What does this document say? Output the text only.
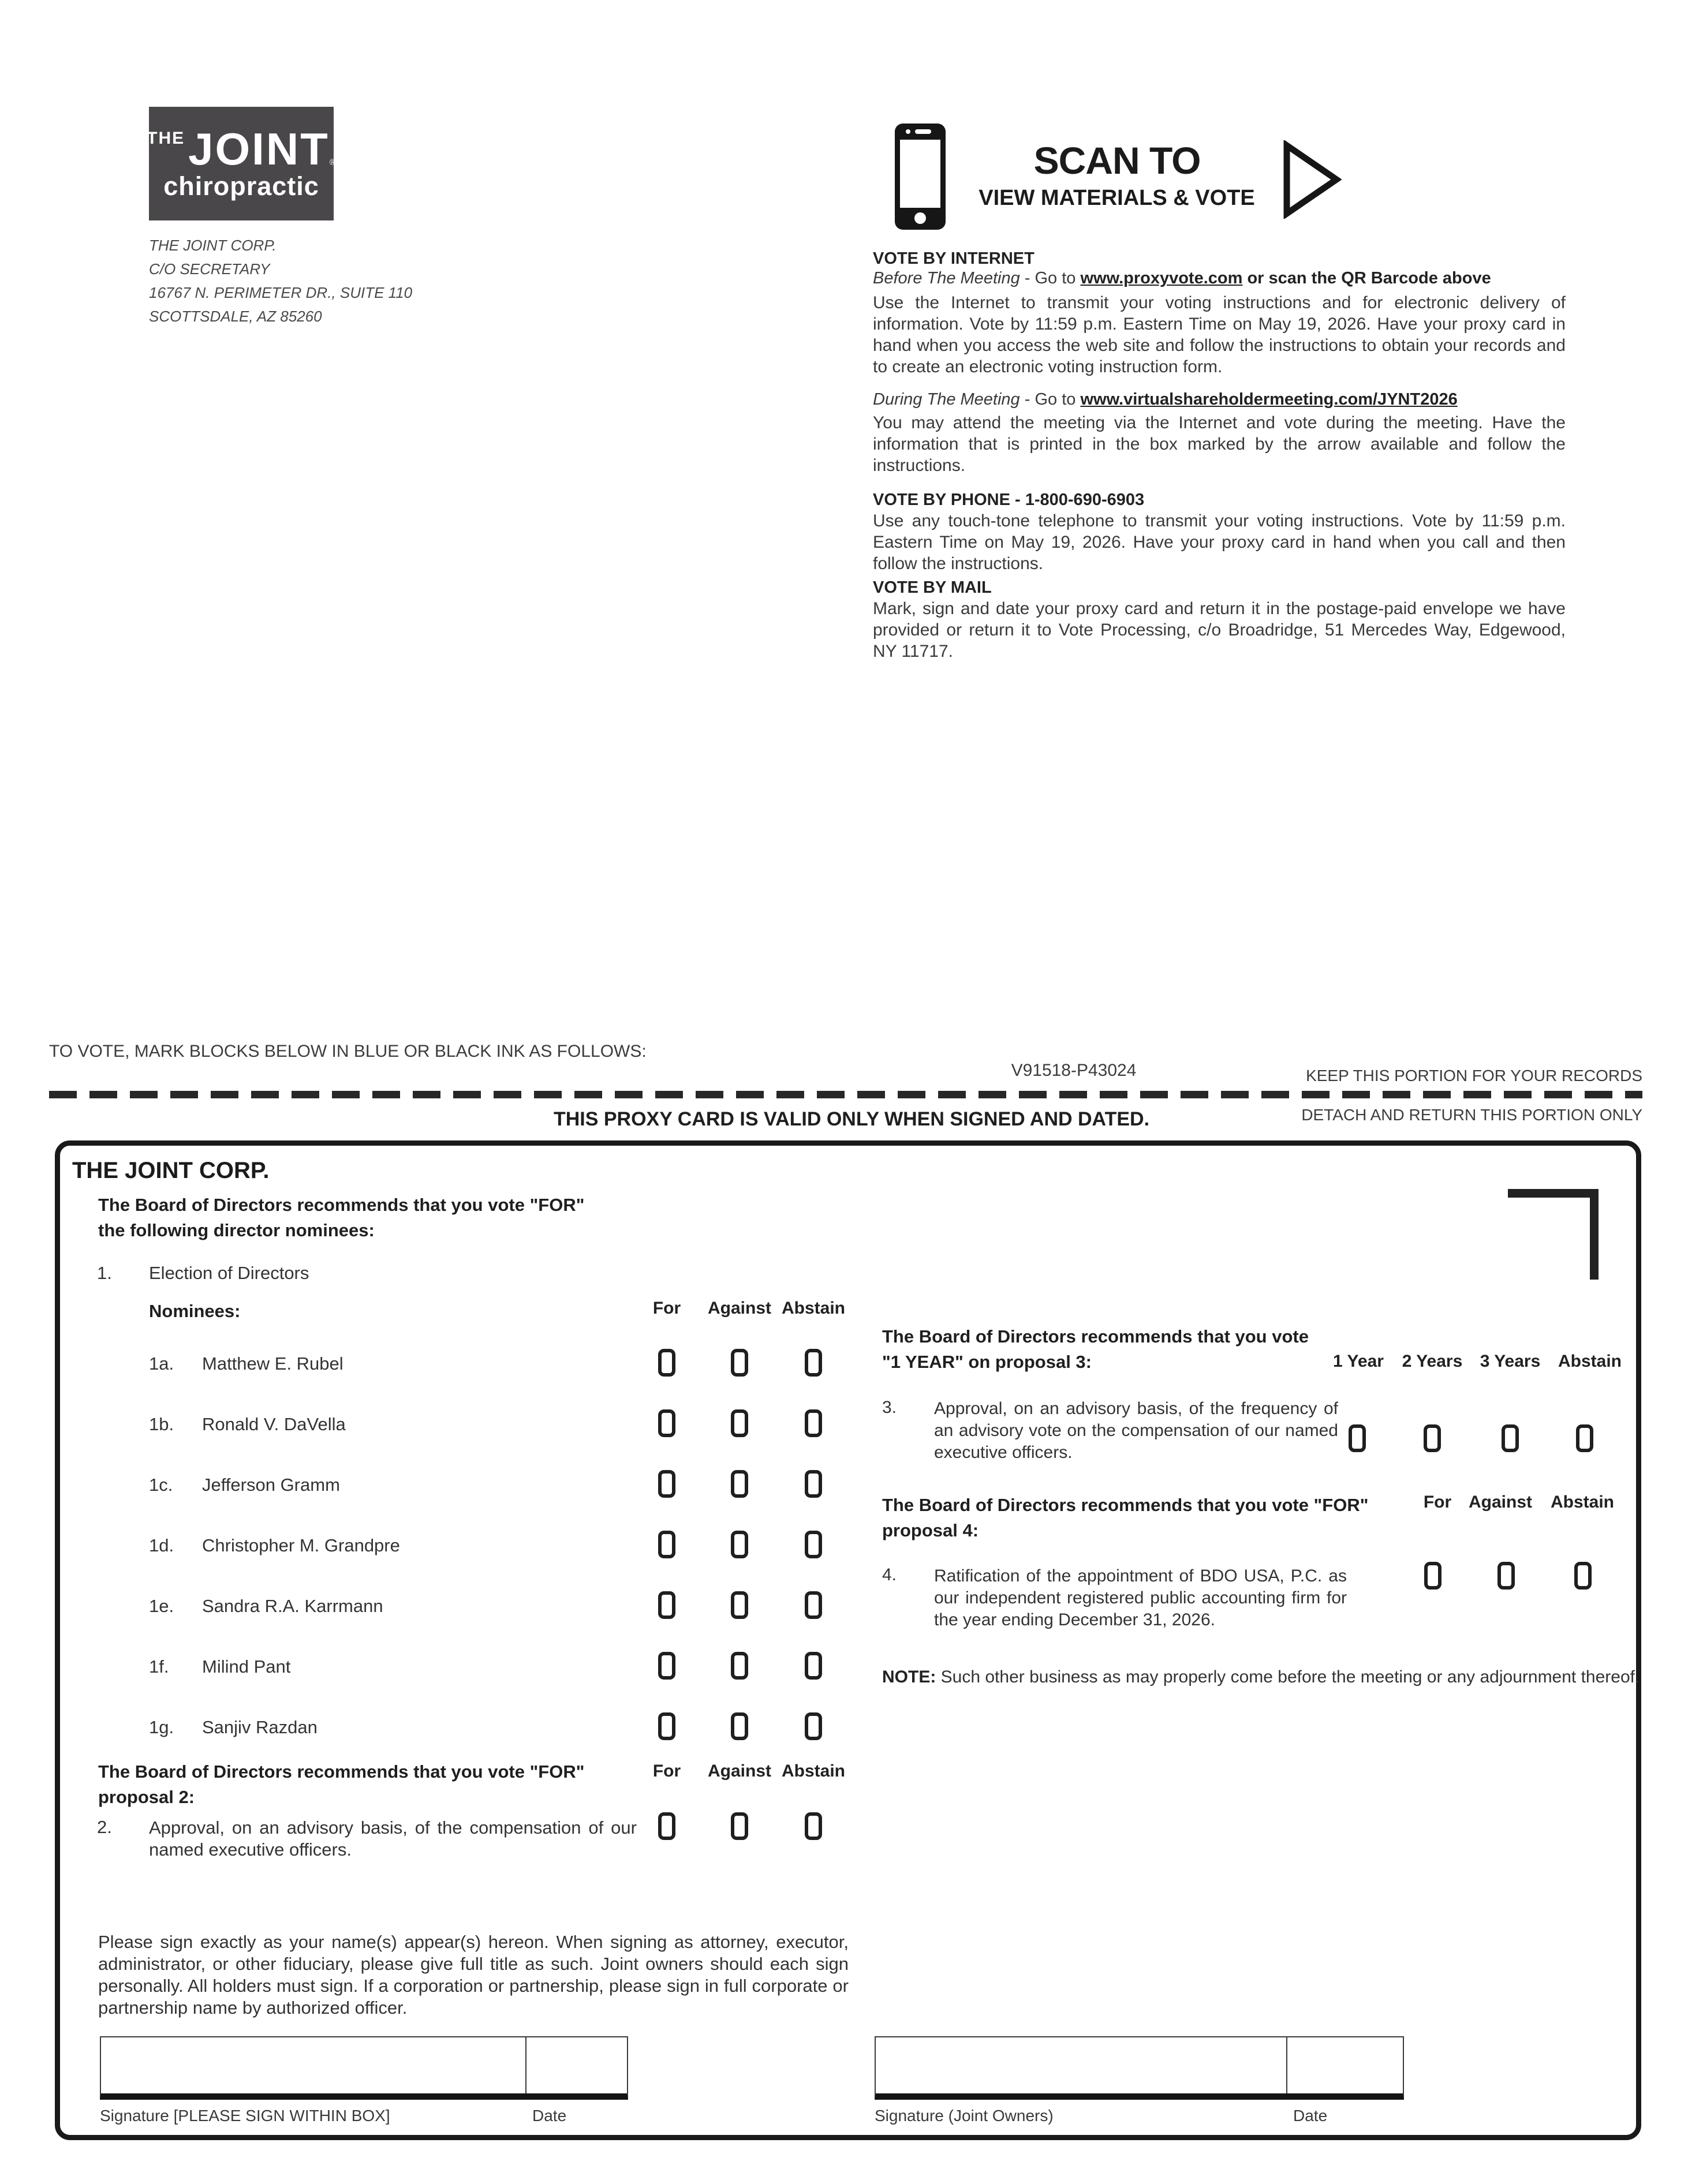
THE JOINT ®
chiropractic
THE JOINT CORP.
C/O SECRETARY
16767 N. PERIMETER DR., SUITE 110
SCOTTSDALE, AZ 85260
SCAN TO
VIEW MATERIALS & VOTE
VOTE BY INTERNET
Before The Meeting - Go to www.proxyvote.com or scan the QR Barcode above
Use the Internet to transmit your voting instructions and for electronic delivery of information. Vote by 11:59 p.m. Eastern Time on May 19, 2026. Have your proxy card in hand when you access the web site and follow the instructions to obtain your records and to create an electronic voting instruction form.
During The Meeting - Go to www.virtualshareholdermeeting.com/JYNT2026
You may attend the meeting via the Internet and vote during the meeting. Have the information that is printed in the box marked by the arrow available and follow the instructions.
VOTE BY PHONE - 1-800-690-6903
Use any touch-tone telephone to transmit your voting instructions. Vote by 11:59 p.m. Eastern Time on May 19, 2026. Have your proxy card in hand when you call and then follow the instructions.
VOTE BY MAIL
Mark, sign and date your proxy card and return it in the postage-paid envelope we have provided or return it to Vote Processing, c/o Broadridge, 51 Mercedes Way, Edgewood, NY 11717.
TO VOTE, MARK BLOCKS BELOW IN BLUE OR BLACK INK AS FOLLOWS:
V91518-P43024	KEEP THIS PORTION FOR YOUR RECORDS
THIS PROXY CARD IS VALID ONLY WHEN SIGNED AND DATED.	DETACH AND RETURN THIS PORTION ONLY
THE JOINT CORP.
The Board of Directors recommends that you vote "FOR"
the following director nominees:
1. Election of Directors
Nominees:	For	Against Abstain
1a. Matthew E. Rubel
1b. Ronald V. DaVella
1c. Jefferson Gramm
1d. Christopher M. Grandpre
1e. Sandra R.A. Karrmann
1f. Milind Pant
1g. Sanjiv Razdan
The Board of Directors recommends that you vote "FOR"
proposal 2:
For	Against Abstain
2. Approval, on an advisory basis, of the compensation of our named executive officers.
The Board of Directors recommends that you vote
"1 YEAR" on proposal 3:	1 Year	2 Years	3 Years	Abstain
3. Approval, on an advisory basis, of the frequency of an advisory vote on the compensation of our named executive officers.
The Board of Directors recommends that you vote "FOR"
proposal 4:
For Against	Abstain
4. Ratification of the appointment of BDO USA, P.C. as our independent registered public accounting firm for the year ending December 31, 2026.
NOTE: Such other business as may properly come before the meeting or any adjournment thereof.
Please sign exactly as your name(s) appear(s) hereon. When signing as attorney, executor, administrator, or other fiduciary, please give full title as such. Joint owners should each sign personally. All holders must sign. If a corporation or partnership, please sign in full corporate or partnership name by authorized officer.
Signature [PLEASE SIGN WITHIN BOX]	Date	Signature (Joint Owners)	Date
